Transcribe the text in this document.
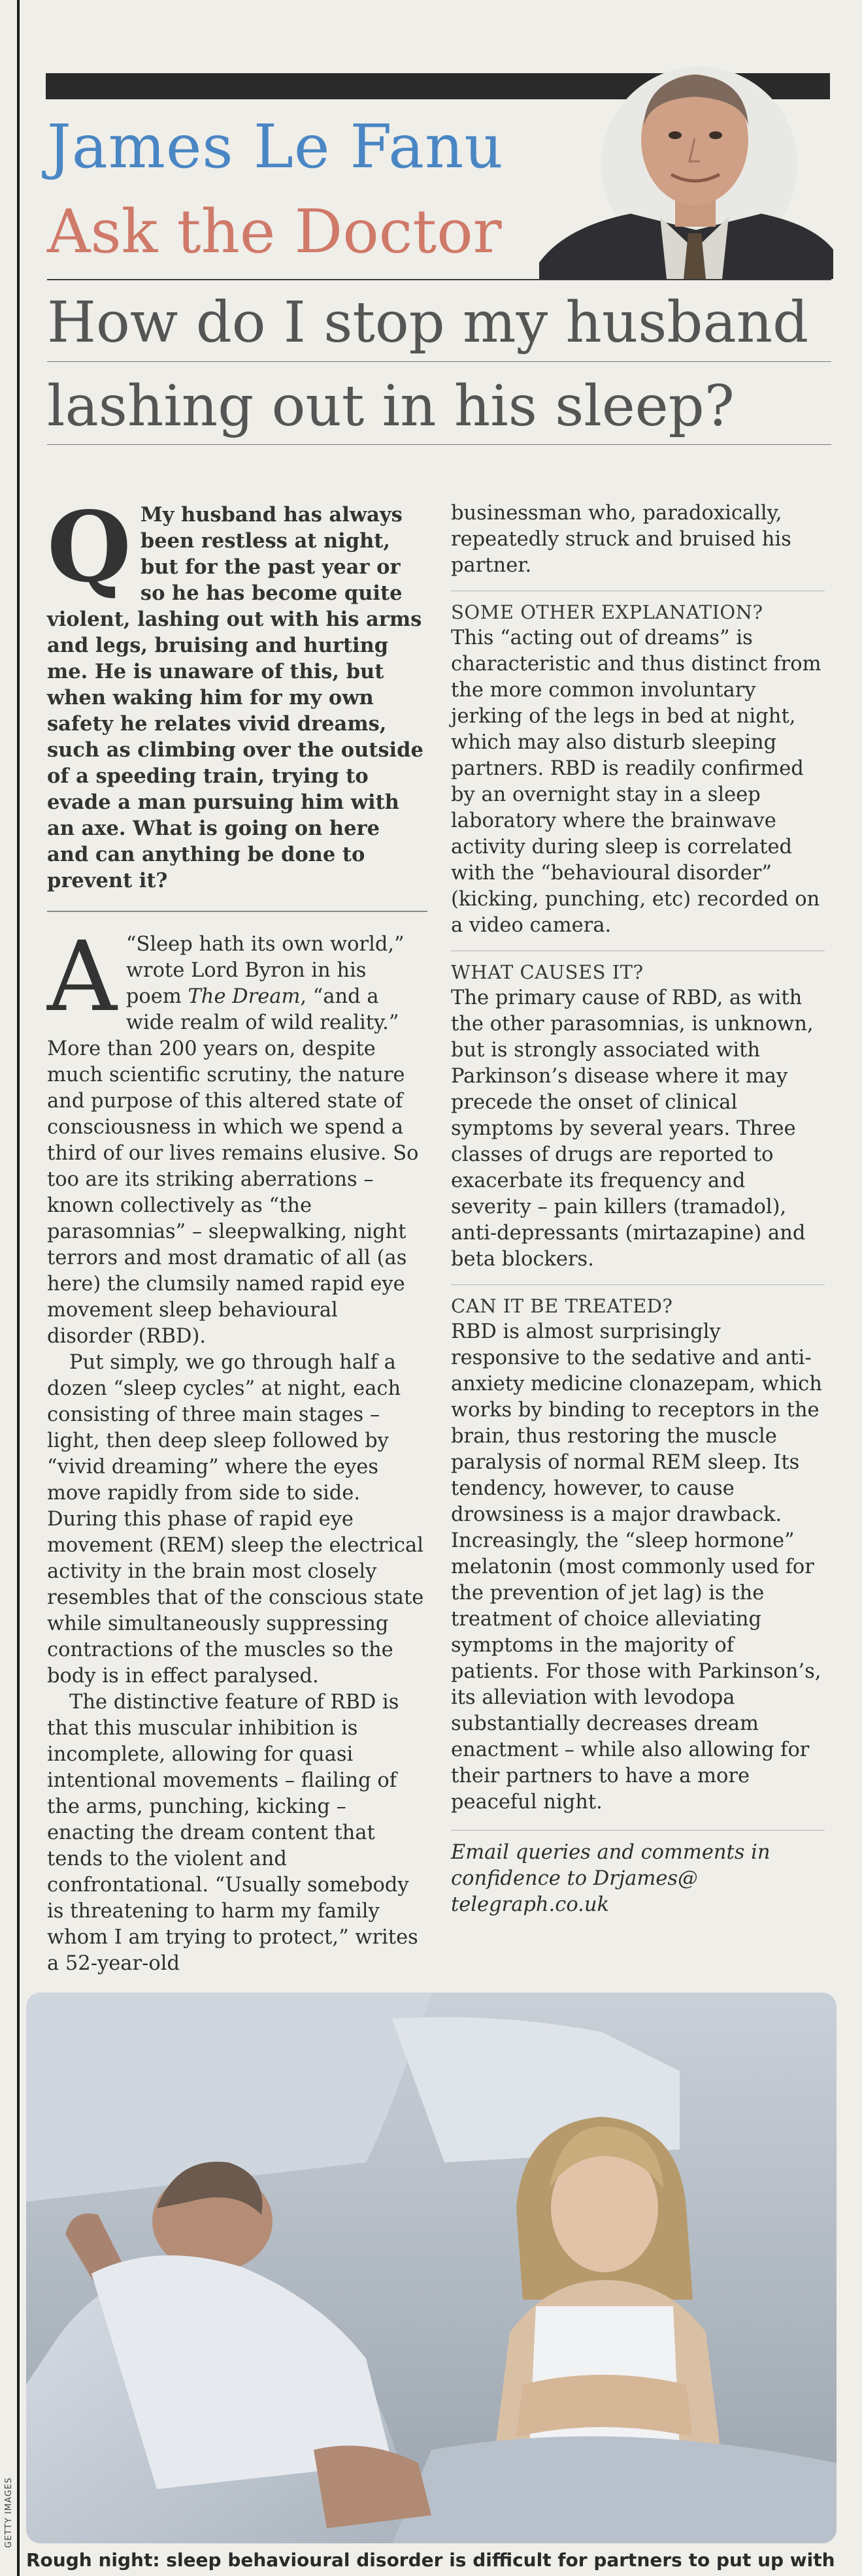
James Le Fanu
Ask the Doctor
How do I stop my husband
lashing out in his sleep?

Q My husband has always been restless at night, but for the past year or so he has become quite violent, lashing out with his arms and legs, bruising and hurting me. He is unaware of this, but when waking him for my own safety he relates vivid dreams, such as climbing over the outside of a speeding train, trying to evade a man pursuing him with an axe. What is going on here and can anything be done to prevent it?

A “Sleep hath its own world,” wrote Lord Byron in his poem The Dream, “and a wide realm of wild reality.” More than 200 years on, despite much scientific scrutiny, the nature and purpose of this altered state of consciousness in which we spend a third of our lives remains elusive. So too are its striking aberrations – known collectively as “the parasomnias” – sleepwalking, night terrors and most dramatic of all (as here) the clumsily named rapid eye movement sleep behavioural disorder (RBD).

Put simply, we go through half a dozen “sleep cycles” at night, each consisting of three main stages – light, then deep sleep followed by “vivid dreaming” where the eyes move rapidly from side to side. During this phase of rapid eye movement (REM) sleep the electrical activity in the brain most closely resembles that of the conscious state while simultaneously suppressing contractions of the muscles so the body is in effect paralysed.

The distinctive feature of RBD is that this muscular inhibition is incomplete, allowing for quasi intentional movements – flailing of the arms, punching, kicking – enacting the dream content that tends to the violent and confrontational. “Usually somebody is threatening to harm my family whom I am trying to protect,” writes a 52-year-old

businessman who, paradoxically, repeatedly struck and bruised his partner.

SOME OTHER EXPLANATION?

This “acting out of dreams” is characteristic and thus distinct from the more common involuntary jerking of the legs in bed at night, which may also disturb sleeping partners. RBD is readily confirmed by an overnight stay in a sleep laboratory where the brainwave activity during sleep is correlated with the “behavioural disorder” (kicking, punching, etc) recorded on a video camera.

WHAT CAUSES IT?

The primary cause of RBD, as with the other parasomnias, is unknown, but is strongly associated with Parkinson’s disease where it may precede the onset of clinical symptoms by several years. Three classes of drugs are reported to exacerbate its frequency and severity – pain killers (tramadol), anti-depressants (mirtazapine) and beta blockers.

CAN IT BE TREATED?

RBD is almost surprisingly responsive to the sedative and anti-anxiety medicine clonazepam, which works by binding to receptors in the brain, thus restoring the muscle paralysis of normal REM sleep. Its tendency, however, to cause drowsiness is a major drawback. Increasingly, the “sleep hormone” melatonin (most commonly used for the prevention of jet lag) is the treatment of choice alleviating symptoms in the majority of patients. For those with Parkinson’s, its alleviation with levodopa substantially decreases dream enactment – while also allowing for their partners to have a more peaceful night.

Email queries and comments in confidence to Drjames@ telegraph.co.uk

GETTY IMAGES
Rough night: sleep behavioural disorder is difficult for partners to put up with
